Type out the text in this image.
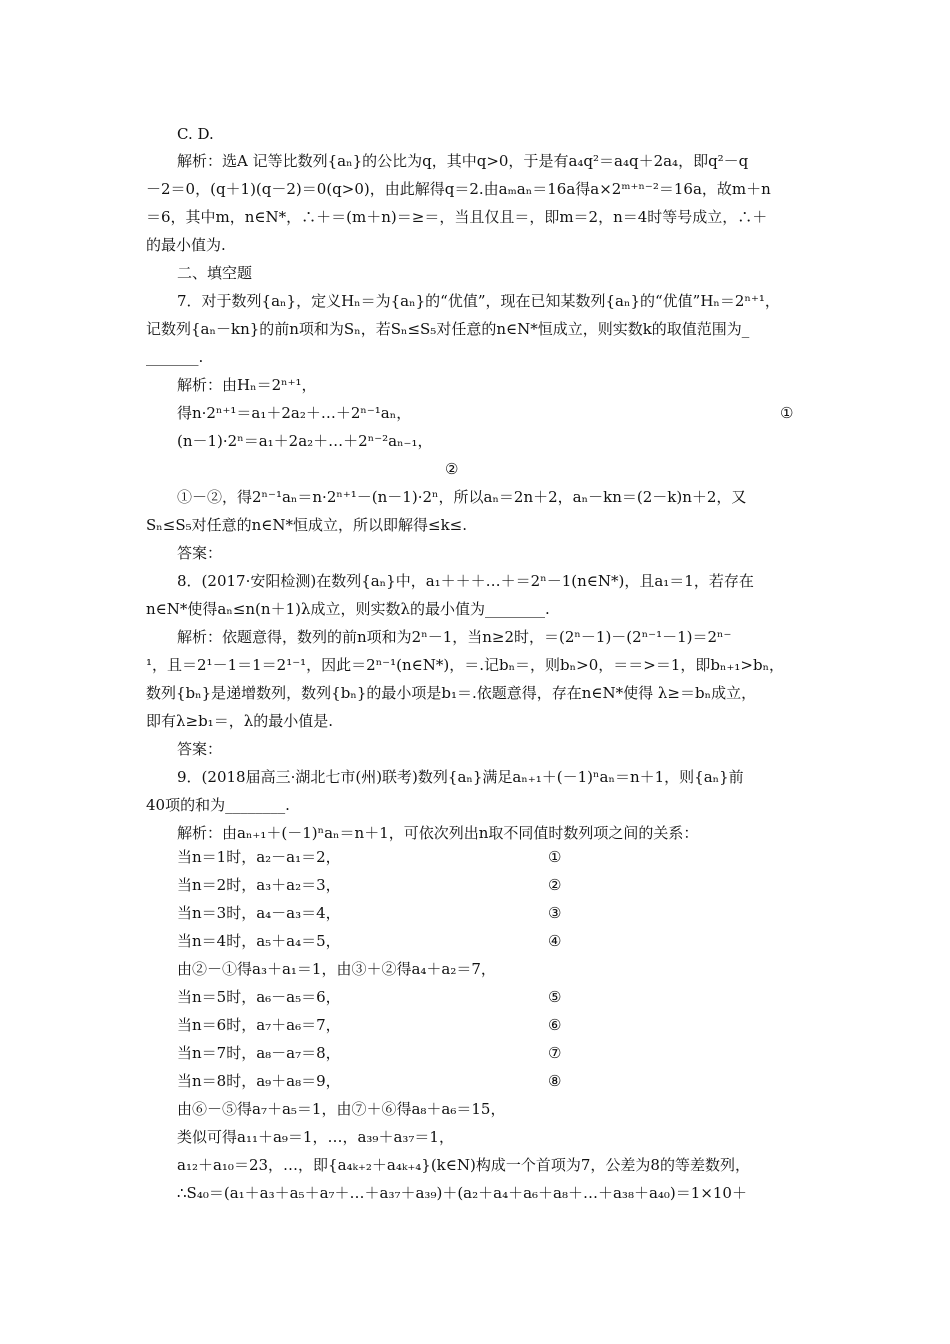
C. D.
解析：选A 记等比数列{aₙ}的公比为q，其中q>0，于是有a₄q²＝a₄q＋2a₄，即q²－q
－2＝0，(q＋1)(q－2)＝0(q>0)，由此解得q＝2.由aₘaₙ＝16a得a×2ᵐ⁺ⁿ⁻²＝16a，故m＋n
＝6，其中m，n∈N*，∴＋＝(m＋n)＝≥＝，当且仅且＝，即m＝2，n＝4时等号成立，∴＋
的最小值为.
二、填空题
7．对于数列{aₙ}，定义Hₙ＝为{aₙ}的“优值”，现在已知某数列{aₙ}的“优值”Hₙ＝2ⁿ⁺¹，
记数列{aₙ－kn}的前n项和为Sₙ，若Sₙ≤S₅对任意的n∈N*恒成立，则实数k的取值范围为_
_______.
解析：由Hₙ＝2ⁿ⁺¹，
得n·2ⁿ⁺¹＝a₁＋2a₂＋…＋2ⁿ⁻¹aₙ，	①
(n－1)·2ⁿ＝a₁＋2a₂＋…＋2ⁿ⁻²aₙ₋₁，
②
①－②，得2ⁿ⁻¹aₙ＝n·2ⁿ⁺¹－(n－1)·2ⁿ，所以aₙ＝2n＋2，aₙ－kn＝(2－k)n＋2，又
Sₙ≤S₅对任意的n∈N*恒成立，所以即解得≤k≤.
答案：
8．(2017·安阳检测)在数列{aₙ}中，a₁＋＋＋…＋＝2ⁿ－1(n∈N*)，且a₁＝1，若存在
n∈N*使得aₙ≤n(n＋1)λ成立，则实数λ的最小值为________.
解析：依题意得，数列的前n项和为2ⁿ－1，当n≥2时，＝(2ⁿ－1)－(2ⁿ⁻¹－1)＝2ⁿ⁻
¹，且＝2¹－1＝1＝2¹⁻¹，因此＝2ⁿ⁻¹(n∈N*)，＝.记bₙ＝，则bₙ>0，＝＝>＝1，即bₙ₊₁>bₙ，
数列{bₙ}是递增数列，数列{bₙ}的最小项是b₁＝.依题意得，存在n∈N*使得 λ≥＝bₙ成立，
即有λ≥b₁＝，λ的最小值是.
答案：
9．(2018届高三·湖北七市(州)联考)数列{aₙ}满足aₙ₊₁＋(－1)ⁿaₙ＝n＋1，则{aₙ}前
40项的和为________.
解析：由aₙ₊₁＋(－1)ⁿaₙ＝n＋1，可依次列出n取不同值时数列项之间的关系：
当n＝1时，a₂－a₁＝2，	①
当n＝2时，a₃＋a₂＝3，	②
当n＝3时，a₄－a₃＝4，	③
当n＝4时，a₅＋a₄＝5，	④
由②－①得a₃＋a₁＝1，由③＋②得a₄＋a₂＝7，
当n＝5时，a₆－a₅＝6，	⑤
当n＝6时，a₇＋a₆＝7，	⑥
当n＝7时，a₈－a₇＝8，	⑦
当n＝8时，a₉＋a₈＝9，	⑧
由⑥－⑤得a₇＋a₅＝1，由⑦＋⑥得a₈＋a₆＝15，
类似可得a₁₁＋a₉＝1，…，a₃₉＋a₃₇＝1，
a₁₂＋a₁₀＝23，…，即{a₄ₖ₊₂＋a₄ₖ₊₄}(k∈N)构成一个首项为7，公差为8的等差数列，
∴S₄₀＝(a₁＋a₃＋a₅＋a₇＋…＋a₃₇＋a₃₉)＋(a₂＋a₄＋a₆＋a₈＋…＋a₃₈＋a₄₀)＝1×10＋
